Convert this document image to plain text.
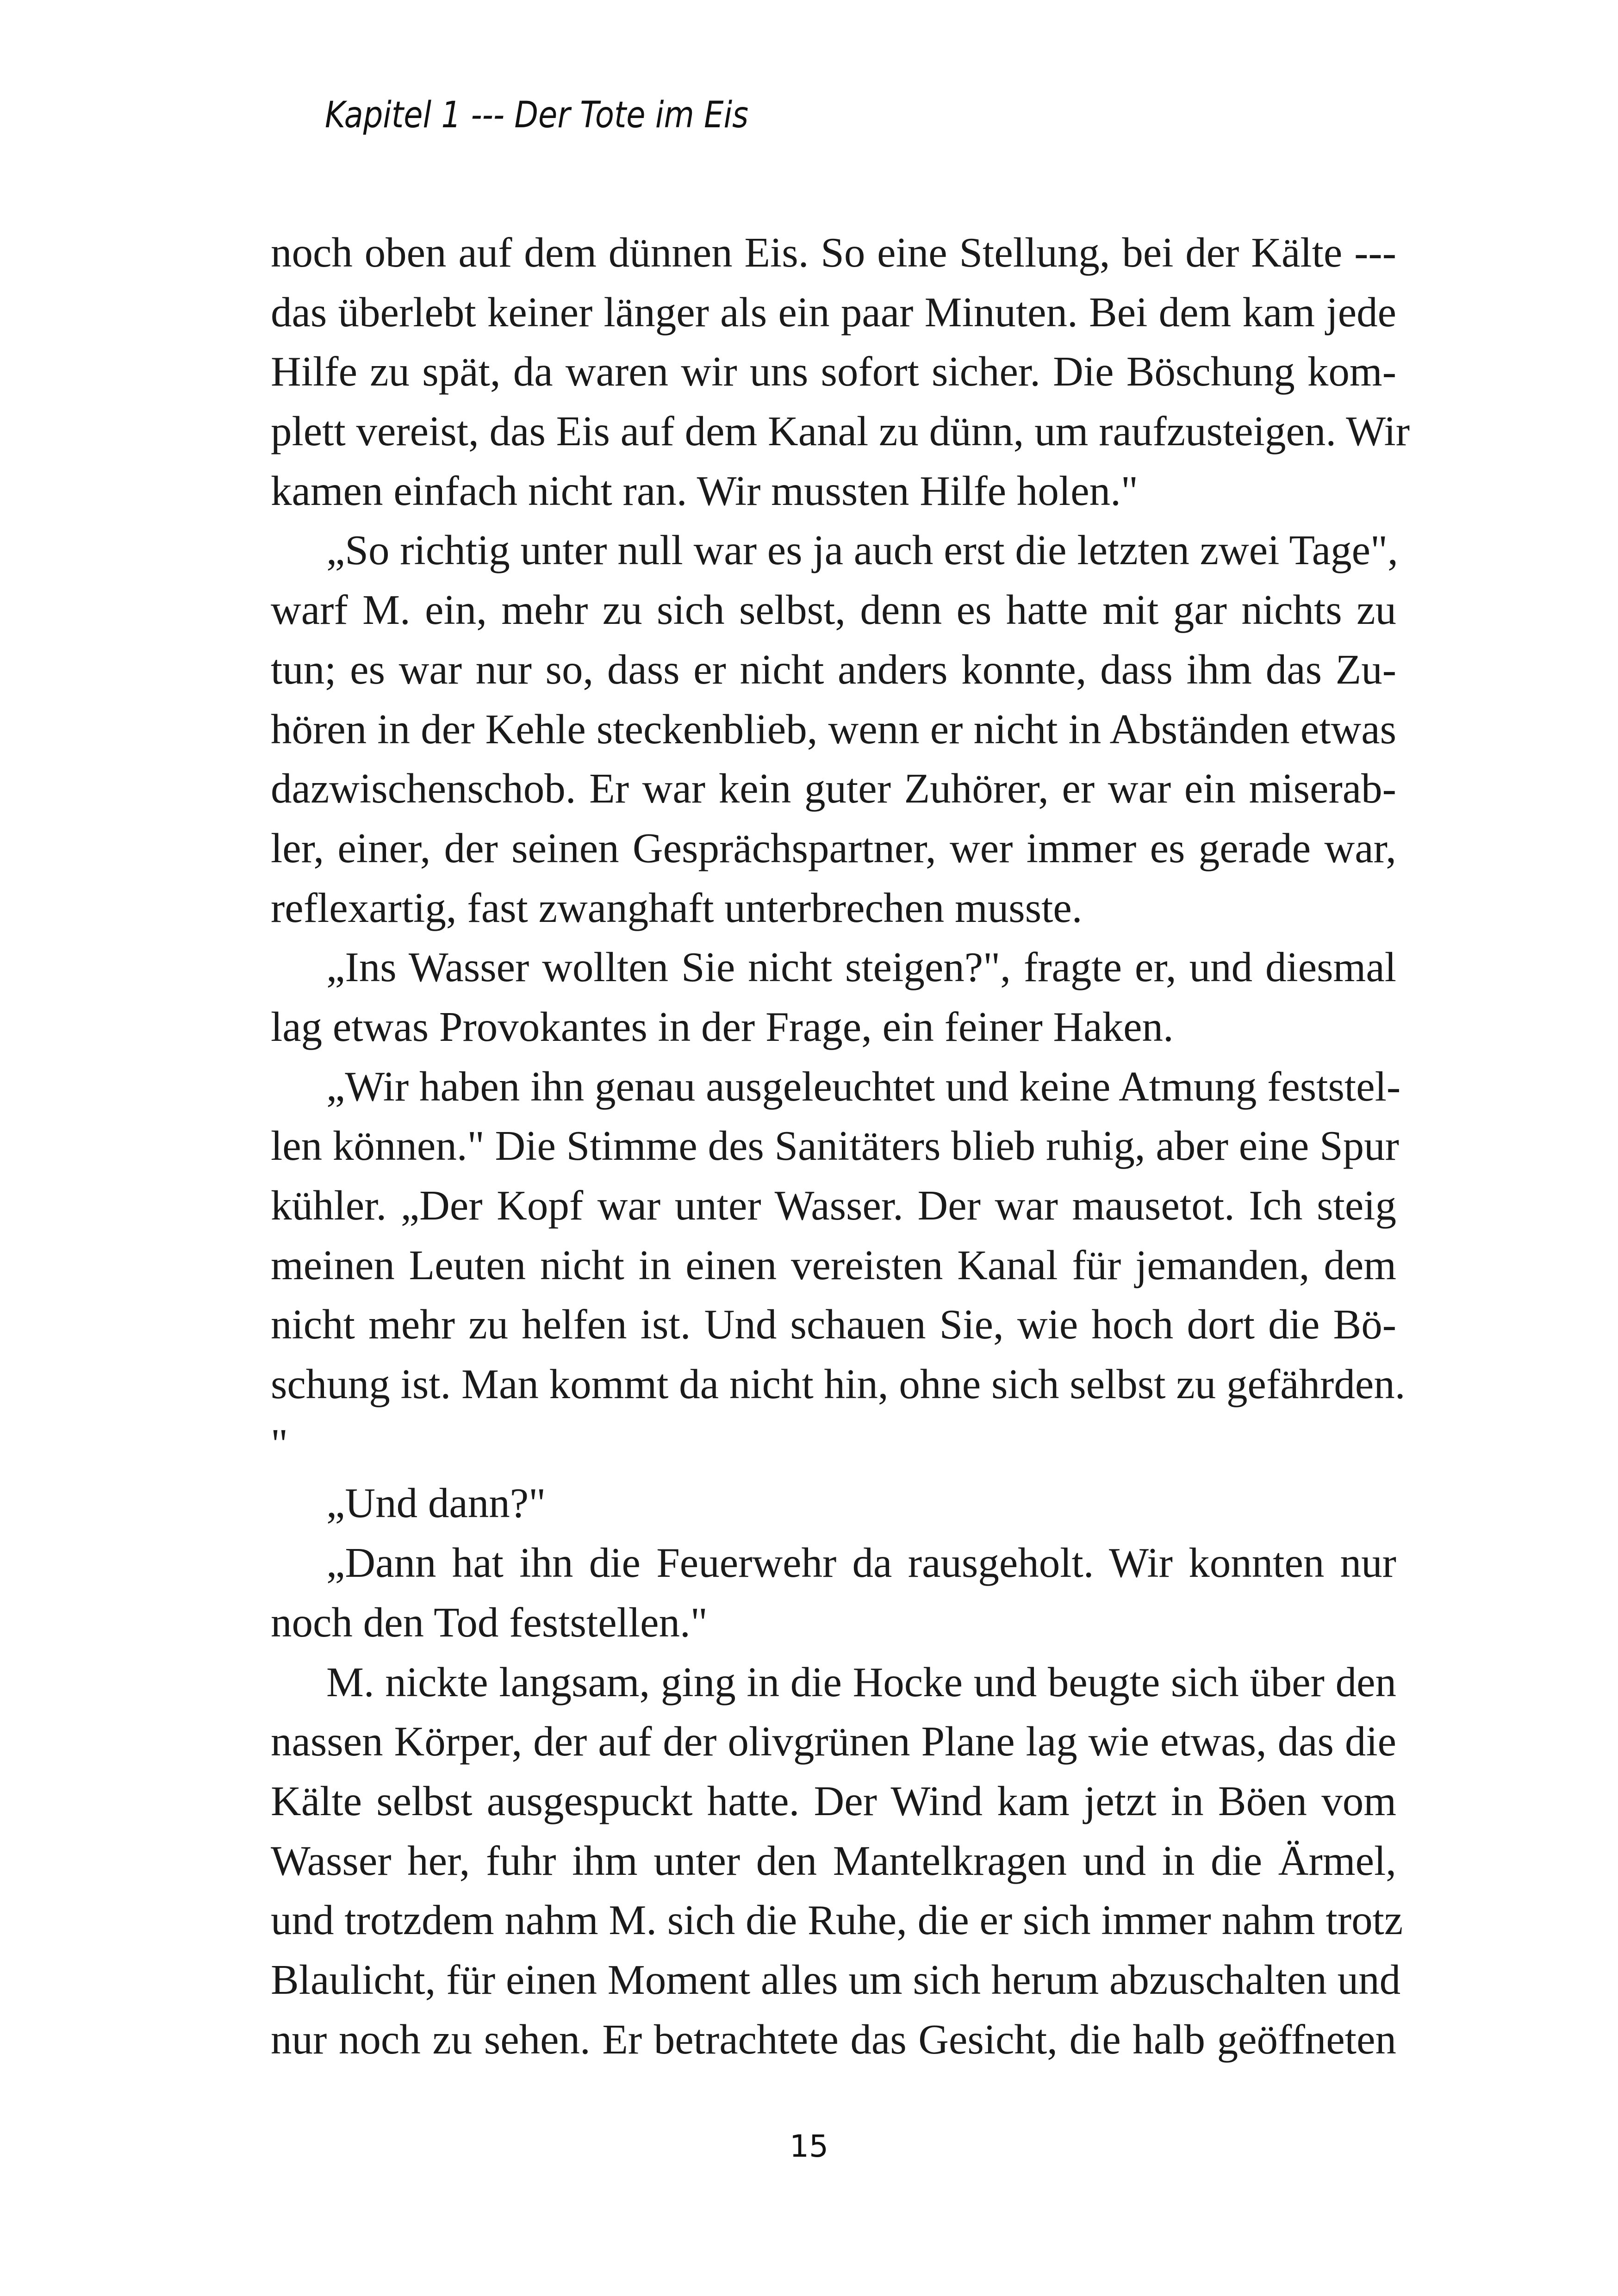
Kapitel 1 --- Der Tote im Eis
noch oben auf dem dünnen Eis. So eine Stellung, bei der Kälte ---
das überlebt keiner länger als ein paar Minuten. Bei dem kam jede
Hilfe zu spät, da waren wir uns sofort sicher. Die Böschung kom-
plett vereist, das Eis auf dem Kanal zu dünn, um raufzusteigen. Wir
kamen einfach nicht ran. Wir mussten Hilfe holen."
„So richtig unter null war es ja auch erst die letzten zwei Tage",
warf M. ein, mehr zu sich selbst, denn es hatte mit gar nichts zu
tun; es war nur so, dass er nicht anders konnte, dass ihm das Zu-
hören in der Kehle steckenblieb, wenn er nicht in Abständen etwas
dazwischenschob. Er war kein guter Zuhörer, er war ein miserab-
ler, einer, der seinen Gesprächspartner, wer immer es gerade war,
reflexartig, fast zwanghaft unterbrechen musste.
„Ins Wasser wollten Sie nicht steigen?", fragte er, und diesmal
lag etwas Provokantes in der Frage, ein feiner Haken.
„Wir haben ihn genau ausgeleuchtet und keine Atmung feststel-
len können." Die Stimme des Sanitäters blieb ruhig, aber eine Spur
kühler. „Der Kopf war unter Wasser. Der war mausetot. Ich steig
meinen Leuten nicht in einen vereisten Kanal für jemanden, dem
nicht mehr zu helfen ist. Und schauen Sie, wie hoch dort die Bö-
schung ist. Man kommt da nicht hin, ohne sich selbst zu gefährden.
"
„Und dann?"
„Dann hat ihn die Feuerwehr da rausgeholt. Wir konnten nur
noch den Tod feststellen."
M. nickte langsam, ging in die Hocke und beugte sich über den
nassen Körper, der auf der olivgrünen Plane lag wie etwas, das die
Kälte selbst ausgespuckt hatte. Der Wind kam jetzt in Böen vom
Wasser her, fuhr ihm unter den Mantelkragen und in die Ärmel,
und trotzdem nahm M. sich die Ruhe, die er sich immer nahm trotz
Blaulicht, für einen Moment alles um sich herum abzuschalten und
nur noch zu sehen. Er betrachtete das Gesicht, die halb geöffneten
15
